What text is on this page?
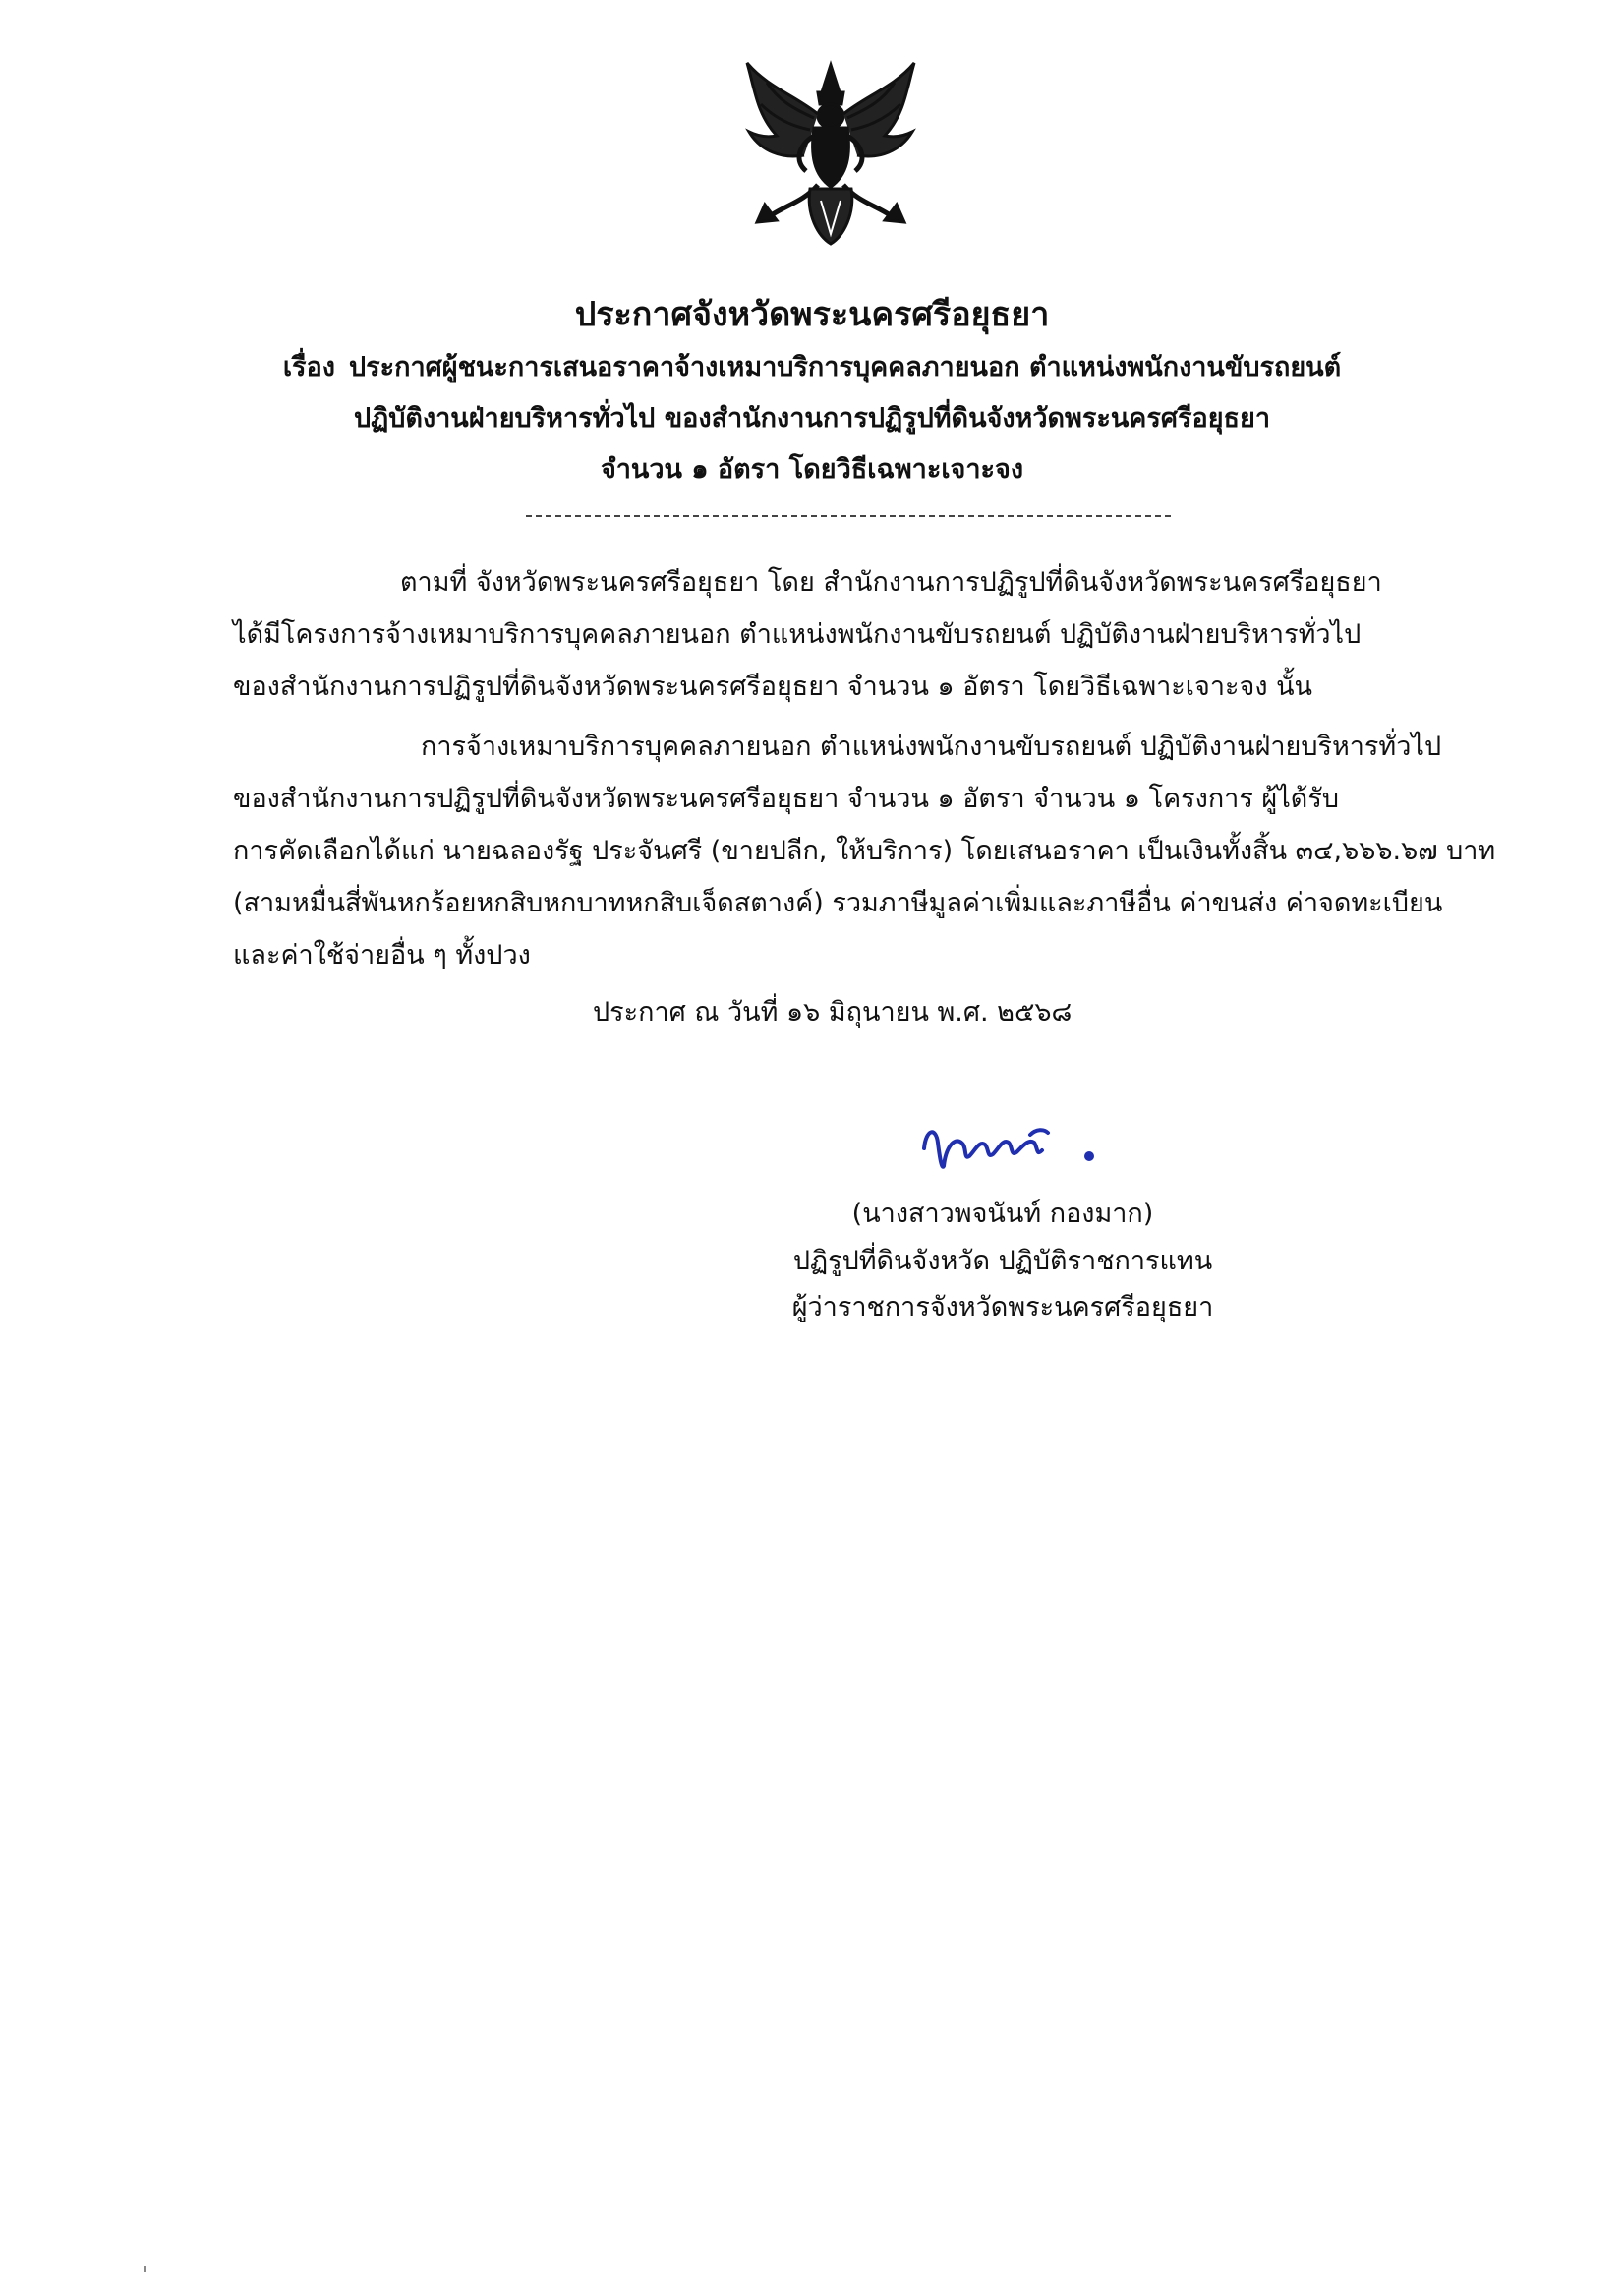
ประกาศจังหวัดพระนครศรีอยุธยา
เรื่อง ประกาศผู้ชนะการเสนอราคาจ้างเหมาบริการบุคคลภายนอก ตำแหน่งพนักงานขับรถยนต์
ปฏิบัติงานฝ่ายบริหารทั่วไป ของสำนักงานการปฏิรูปที่ดินจังหวัดพระนครศรีอยุธยา
จำนวน ๑ อัตรา โดยวิธีเฉพาะเจาะจง
ตามที่ จังหวัดพระนครศรีอยุธยา โดย สำนักงานการปฏิรูปที่ดินจังหวัดพระนครศรีอยุธยา
ได้มีโครงการจ้างเหมาบริการบุคคลภายนอก ตำแหน่งพนักงานขับรถยนต์ ปฏิบัติงานฝ่ายบริหารทั่วไป
ของสำนักงานการปฏิรูปที่ดินจังหวัดพระนครศรีอยุธยา จำนวน ๑ อัตรา โดยวิธีเฉพาะเจาะจง นั้น
การจ้างเหมาบริการบุคคลภายนอก ตำแหน่งพนักงานขับรถยนต์ ปฏิบัติงานฝ่ายบริหารทั่วไป
ของสำนักงานการปฏิรูปที่ดินจังหวัดพระนครศรีอยุธยา จำนวน ๑ อัตรา จำนวน ๑ โครงการ ผู้ได้รับ
การคัดเลือกได้แก่ นายฉลองรัฐ ประจันศรี (ขายปลีก, ให้บริการ) โดยเสนอราคา เป็นเงินทั้งสิ้น ๓๔,๖๖๖.๖๗ บาท
(สามหมื่นสี่พันหกร้อยหกสิบหกบาทหกสิบเจ็ดสตางค์) รวมภาษีมูลค่าเพิ่มและภาษีอื่น ค่าขนส่ง ค่าจดทะเบียน
และค่าใช้จ่ายอื่น ๆ ทั้งปวง
ประกาศ ณ วันที่ ๑๖ มิถุนายน พ.ศ. ๒๕๖๘
(นางสาวพจนันท์ กองมาก)
ปฏิรูปที่ดินจังหวัด ปฏิบัติราชการแทน
ผู้ว่าราชการจังหวัดพระนครศรีอยุธยา
